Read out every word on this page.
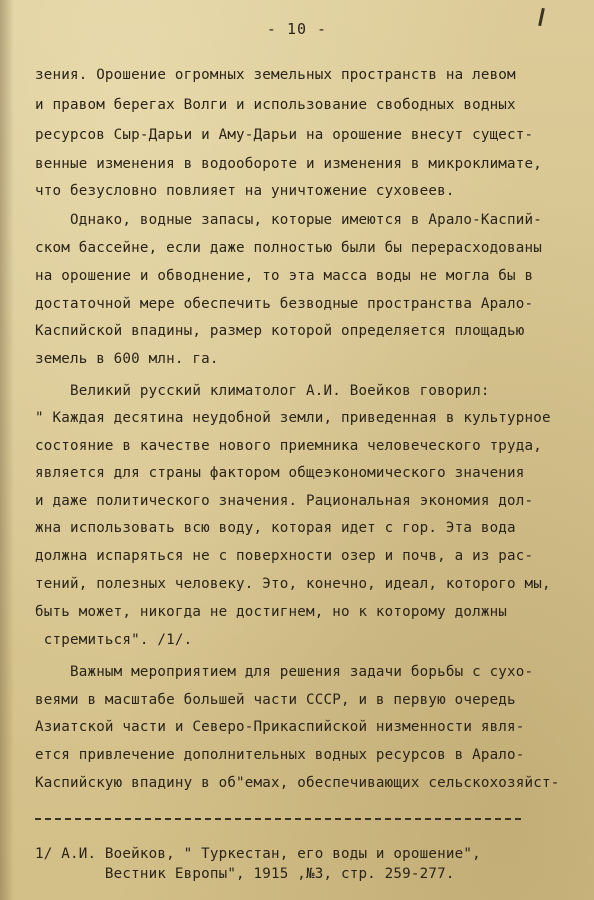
- 10 -
зения. Орошение огромных земельных пространств на левом
и правом берегах Волги и использование свободных водных
ресурсов Сыр-Дарьи и Аму-Дарьи на орошение внесут сущест-
венные изменения в водообороте и изменения в микроклимате,
что безусловно повлияет на уничтожение суховеев.
Однако, водные запасы, которые имеются в Арало-Каспий-
ском бассейне, если даже полностью были бы перерасходованы
на орошение и обводнение, то эта масса воды не могла бы в
достаточной мере обеспечить безводные пространства Арало-
Каспийской впадины, размер которой определяется площадью
земель в 600 млн. га.
Великий русский климатолог А.И. Воейков говорил:
" Каждая десятина неудобной земли, приведенная в культурное
состояние в качестве нового приемника человеческого труда,
является для страны фактором общеэкономического значения
и даже политического значения. Рациональная экономия дол-
жна использовать всю воду, которая идет с гор. Эта вода
должна испаряться не с поверхности озер и почв, а из рас-
тений, полезных человеку. Это, конечно, идеал, которого мы,
быть может, никогда не достигнем, но к которому должны
стремиться". /1/.
Важным мероприятием для решения задачи борьбы с сухо-
веями в масштабе большей части СССР, и в первую очередь
Азиатской части и Северо-Прикаспийской низменности явля-
ется привлечение дополнительных водных ресурсов в Арало-
Каспийскую впадину в об"емах, обеспечивающих сельскохозяйст-
1/ А.И. Воейков, " Туркестан, его воды и орошение",
Вестник Европы", 1915 ,№3, стр. 259-277.
